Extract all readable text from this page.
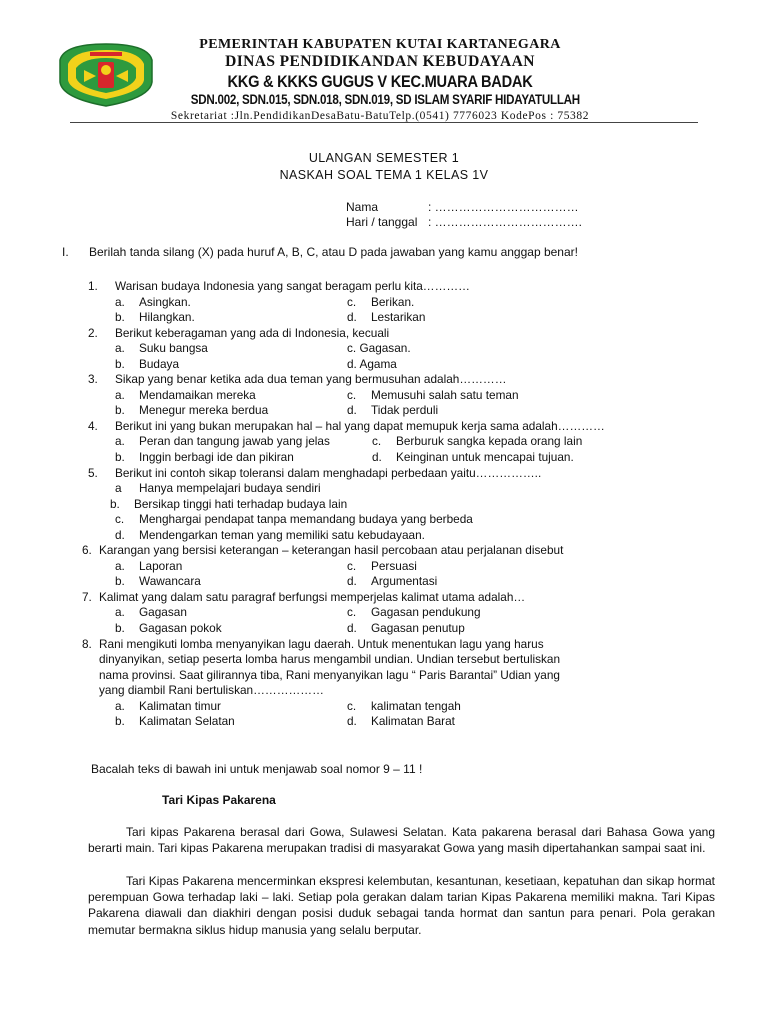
PEMERINTAH KABUPATEN KUTAI KARTANEGARA
DINAS PENDIDIKANDAN KEBUDAYAAN
KKG & KKKS GUGUS V KEC.MUARA BADAK
SDN.002, SDN.015, SDN.018, SDN.019, SD ISLAM SYARIF HIDAYATULLAH
Sekretariat :Jln.PendidikanDesaBatu-BatuTelp.(0541) 7776023 KodePos : 75382
ULANGAN SEMESTER 1
NASKAH SOAL TEMA 1 KELAS 1V
Nama	: ………………………………
Hari / tanggal : ……………………………….
I. Berilah tanda silang (X) pada huruf A, B, C, atau D pada jawaban yang kamu anggap benar!
1.	Warisan budaya Indonesia yang sangat beragam perlu kita…………
a.	Asingkan.	c.	Berikan.
b.	Hilangkan.	d.	Lestarikan
2.	Berikut keberagaman yang ada di Indonesia, kecuali
a.	Suku bangsa	c. Gagasan.
b.	Budaya	d. Agama
3.	Sikap yang benar ketika ada dua teman yang bermusuhan adalah…………
a.	Mendamaikan mereka	c.	Memusuhi salah satu teman
b.	Menegur mereka berdua	d.	Tidak perduli
4.	Berikut ini yang bukan merupakan hal – hal yang dapat memupuk kerja sama adalah…………
a.	Peran dan tangung jawab yang jelas	c.	Berburuk sangka kepada orang lain
b.	Inggin berbagi ide dan pikiran	d.	Keinginan untuk mencapai tujuan.
5.	Berikut ini contoh sikap toleransi dalam menghadapi perbedaan yaitu……………..
a	Hanya mempelajari budaya sendiri
b.	Bersikap tinggi hati terhadap budaya lain
c.	Menghargai pendapat tanpa memandang budaya yang berbeda
d.	Mendengarkan teman yang memiliki satu kebudayaan.
6. Karangan yang bersisi keterangan – keterangan hasil percobaan atau perjalanan disebut
a.	Laporan	c.	Persuasi
b.	Wawancara	d.	Argumentasi
7. Kalimat yang dalam satu paragraf berfungsi memperjelas kalimat utama adalah…
a.	Gagasan	c.	Gagasan pendukung
b.	Gagasan pokok	d.	Gagasan penutup
8. Rani mengikuti lomba menyanyikan lagu daerah. Untuk menentukan lagu yang harus
dinyanyikan, setiap peserta lomba harus mengambil undian. Undian tersebut bertuliskan
nama provinsi. Saat gilirannya tiba, Rani menyanyikan lagu “ Paris Barantai” Udian yang
yang diambil Rani bertuliskan………………
a.	Kalimatan timur	c.	kalimatan tengah
b.	Kalimatan Selatan	d.	Kalimatan Barat
Bacalah teks di bawah ini untuk menjawab soal nomor 9 – 11 !
Tari Kipas Pakarena

Tari kipas Pakarena berasal dari Gowa, Sulawesi Selatan. Kata pakarena berasal dari Bahasa Gowa yang berarti main. Tari kipas Pakarena merupakan tradisi di masyarakat Gowa yang masih dipertahankan sampai saat ini.

Tari Kipas Pakarena mencerminkan ekspresi kelembutan, kesantunan, kesetiaan, kepatuhan dan sikap hormat perempuan Gowa terhadap laki – laki. Setiap pola gerakan dalam tarian Kipas Pakarena memiliki makna. Tari Kipas Pakarena diawali dan diakhiri dengan posisi duduk sebagai tanda hormat dan santun para penari. Pola gerakan memutar bermakna siklus hidup manusia yang selalu berputar.
